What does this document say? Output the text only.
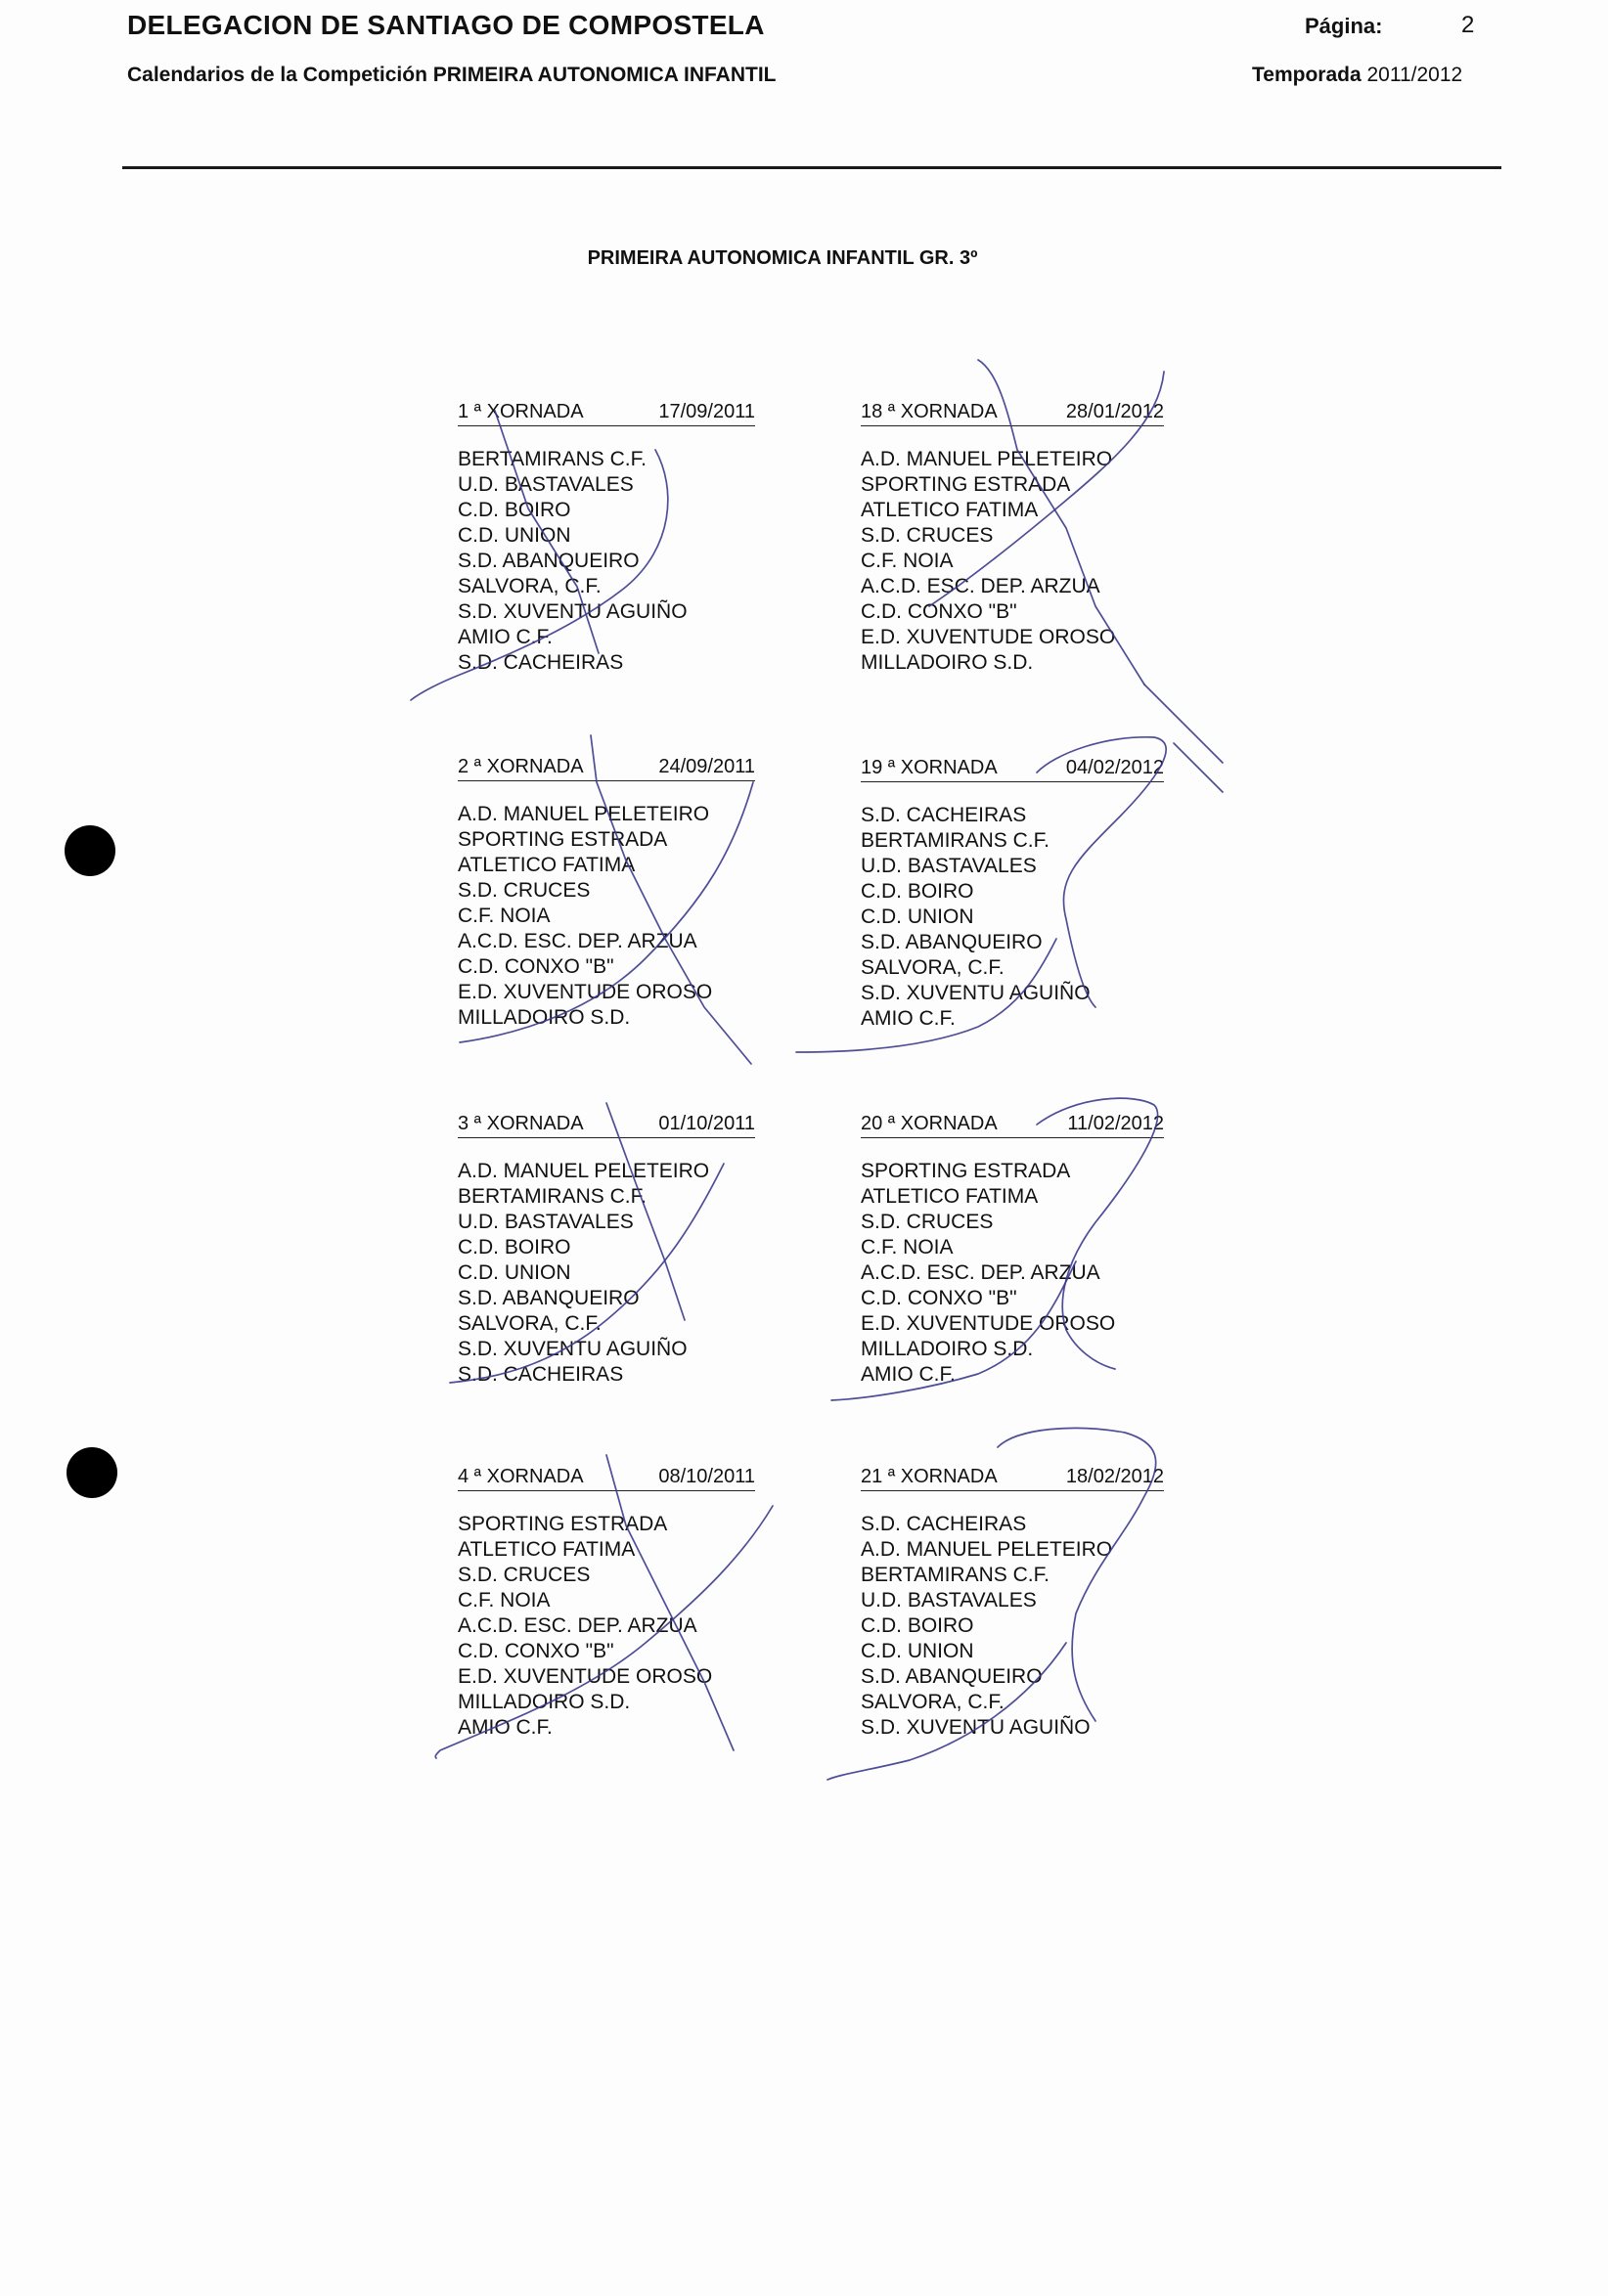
DELEGACION DE SANTIAGO DE COMPOSTELA	Página:	2
Calendarios de la Competición PRIMEIRA AUTONOMICA INFANTIL	Temporada 2011/2012
PRIMEIRA AUTONOMICA INFANTIL GR. 3º
1 ª XORNADA	17/09/2011
BERTAMIRANS C.F.
U.D. BASTAVALES
C.D. BOIRO
C.D. UNION
S.D. ABANQUEIRO
SALVORA, C.F.
S.D. XUVENTU AGUIÑO
AMIO C.F.
S.D. CACHEIRAS
18 ª XORNADA	28/01/2012
A.D. MANUEL PELETEIRO
SPORTING ESTRADA
ATLETICO FATIMA
S.D. CRUCES
C.F. NOIA
A.C.D. ESC. DEP. ARZUA
C.D. CONXO "B"
E.D. XUVENTUDE OROSO
MILLADOIRO S.D.
2 ª XORNADA	24/09/2011
A.D. MANUEL PELETEIRO
SPORTING ESTRADA
ATLETICO FATIMA
S.D. CRUCES
C.F. NOIA
A.C.D. ESC. DEP. ARZUA
C.D. CONXO "B"
E.D. XUVENTUDE OROSO
MILLADOIRO S.D.
19 ª XORNADA	04/02/2012
S.D. CACHEIRAS
BERTAMIRANS C.F.
U.D. BASTAVALES
C.D. BOIRO
C.D. UNION
S.D. ABANQUEIRO
SALVORA, C.F.
S.D. XUVENTU AGUIÑO
AMIO C.F.
3 ª XORNADA	01/10/2011
A.D. MANUEL PELETEIRO
BERTAMIRANS C.F.
U.D. BASTAVALES
C.D. BOIRO
C.D. UNION
S.D. ABANQUEIRO
SALVORA, C.F.
S.D. XUVENTU AGUIÑO
S.D. CACHEIRAS
20 ª XORNADA	11/02/2012
SPORTING ESTRADA
ATLETICO FATIMA
S.D. CRUCES
C.F. NOIA
A.C.D. ESC. DEP. ARZUA
C.D. CONXO "B"
E.D. XUVENTUDE OROSO
MILLADOIRO S.D.
AMIO C.F.
4 ª XORNADA	08/10/2011
SPORTING ESTRADA
ATLETICO FATIMA
S.D. CRUCES
C.F. NOIA
A.C.D. ESC. DEP. ARZUA
C.D. CONXO "B"
E.D. XUVENTUDE OROSO
MILLADOIRO S.D.
AMIO C.F.
21 ª XORNADA	18/02/2012
S.D. CACHEIRAS
A.D. MANUEL PELETEIRO
BERTAMIRANS C.F.
U.D. BASTAVALES
C.D. BOIRO
C.D. UNION
S.D. ABANQUEIRO
SALVORA, C.F.
S.D. XUVENTU AGUIÑO
